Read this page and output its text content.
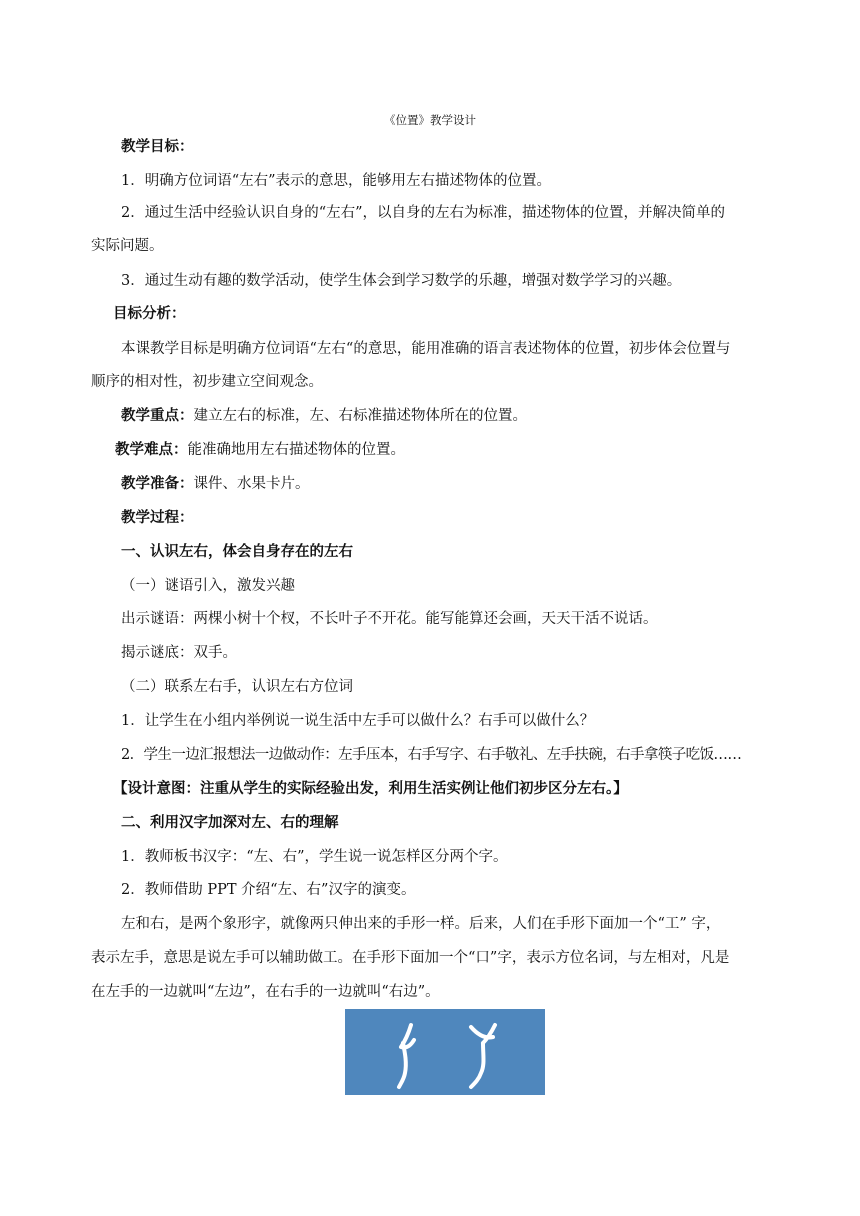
《位置》教学设计
教学目标：
1．明确方位词语“左右”表示的意思，能够用左右描述物体的位置。
2．通过生活中经验认识自身的“左右”，以自身的左右为标准，描述物体的位置，并解决简单的
实际问题。
3．通过生动有趣的数学活动，使学生体会到学习数学的乐趣，增强对数学学习的兴趣。
目标分析：
本课教学目标是明确方位词语“左右“的意思，能用准确的语言表述物体的位置，初步体会位置与
顺序的相对性，初步建立空间观念。
教学重点：建立左右的标准，左、右标准描述物体所在的位置。
教学难点：能准确地用左右描述物体的位置。
教学准备：课件、水果卡片。
教学过程：
一、认识左右，体会自身存在的左右
（一）谜语引入，激发兴趣
出示谜语：两棵小树十个杈，不长叶子不开花。能写能算还会画，天天干活不说话。
揭示谜底：双手。
（二）联系左右手，认识左右方位词
1．让学生在小组内举例说一说生活中左手可以做什么？右手可以做什么？
2．学生一边汇报想法一边做动作：左手压本，右手写字、右手敬礼、左手扶碗，右手拿筷子吃饭……
【设计意图：注重从学生的实际经验出发，利用生活实例让他们初步区分左右。】
二、利用汉字加深对左、右的理解
1．教师板书汉字：“左、右”，学生说一说怎样区分两个字。
2．教师借助 PPT 介绍“左、右”汉字的演变。
左和右，是两个象形字，就像两只伸出来的手形一样。后来，人们在手形下面加一个“工” 字，
表示左手，意思是说左手可以辅助做工。在手形下面加一个“口”字，表示方位名词，与左相对，凡是
在左手的一边就叫“左边”，在右手的一边就叫“右边”。
